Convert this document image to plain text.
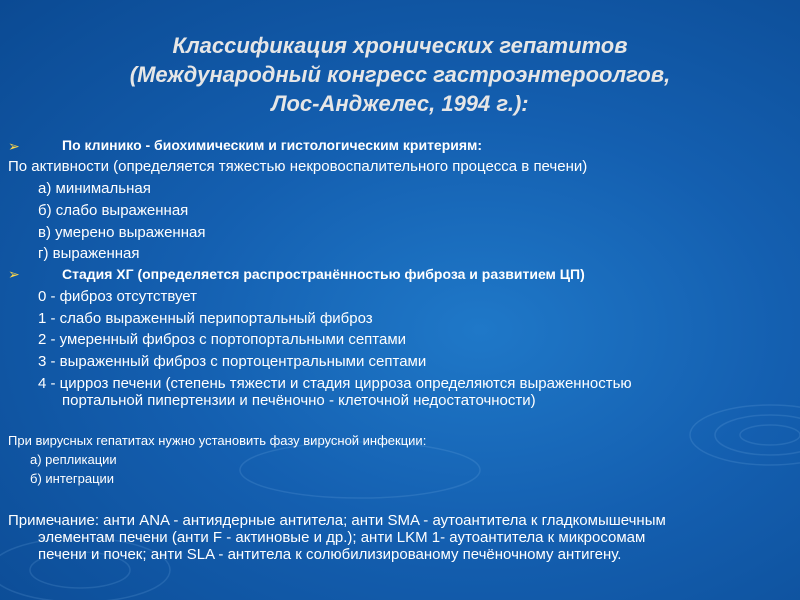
Классификация хронических гепатитов
(Международный конгресс гастроэнтероолгов,
Лос-Анджелес, 1994 г.):
➢	По клинико - биохимическим и гистологическим критериям:
По активности (определяется тяжестью некровоспалительного процесса в печени)
а) минимальная
б) слабо выраженная
в) умерено выраженная
г) выраженная
➢	Стадия ХГ (определяется распространённостью фиброза и развитием ЦП)
0 - фиброз отсутствует
1 - слабо выраженный перипортальный фиброз
2 - умеренный фиброз с портопортальными септами
3 - выраженный фиброз с портоцентральными септами
4 - цирроз печени (степень тяжести и стадия цирроза определяются выраженностью
портальной пипертензии и печёночно - клеточной недостаточности)
При вирусных гепатитах нужно установить фазу вирусной инфекции:
а) репликации
б) интеграции
Примечание: анти ANA - антиядерные антитела; анти SMA - аутоантитела к гладкомышечным
элементам печени (анти F - актиновые и др.); анти LKM 1- аутоантитела к микросомам
печени и почек; анти SLA - антитела к солюбилизированому печёночному антигену.
